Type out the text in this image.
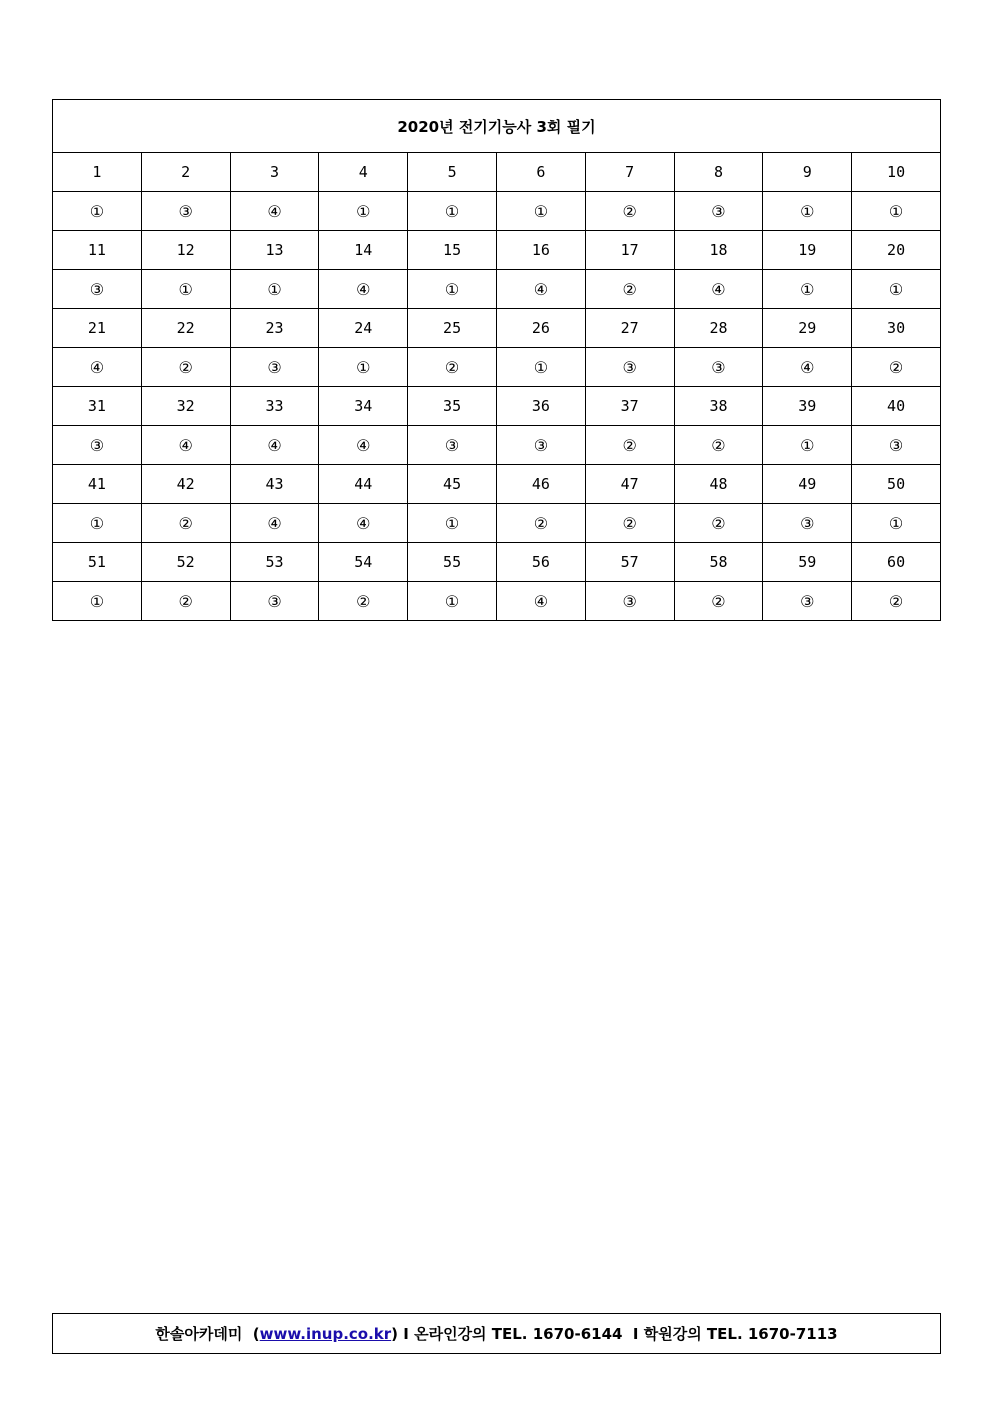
2020년 전기기능사 3회 필기									
1	2	3	4	5	6	7	8	9	10
①	③	④	①	①	①	②	③	①	①
11	12	13	14	15	16	17	18	19	20
③	①	①	④	①	④	②	④	①	①
21	22	23	24	25	26	27	28	29	30
④	②	③	①	②	①	③	③	④	②
31	32	33	34	35	36	37	38	39	40
③	④	④	④	③	③	②	②	①	③
41	42	43	44	45	46	47	48	49	50
①	②	④	④	①	②	②	②	③	①
51	52	53	54	55	56	57	58	59	60
①	②	③	②	①	④	③	②	③	②
한솔아카데미
( www.inup.co.kr )
I
온라인강의 TEL. 1670-6144
I
학원강의 TEL. 1670-7113
